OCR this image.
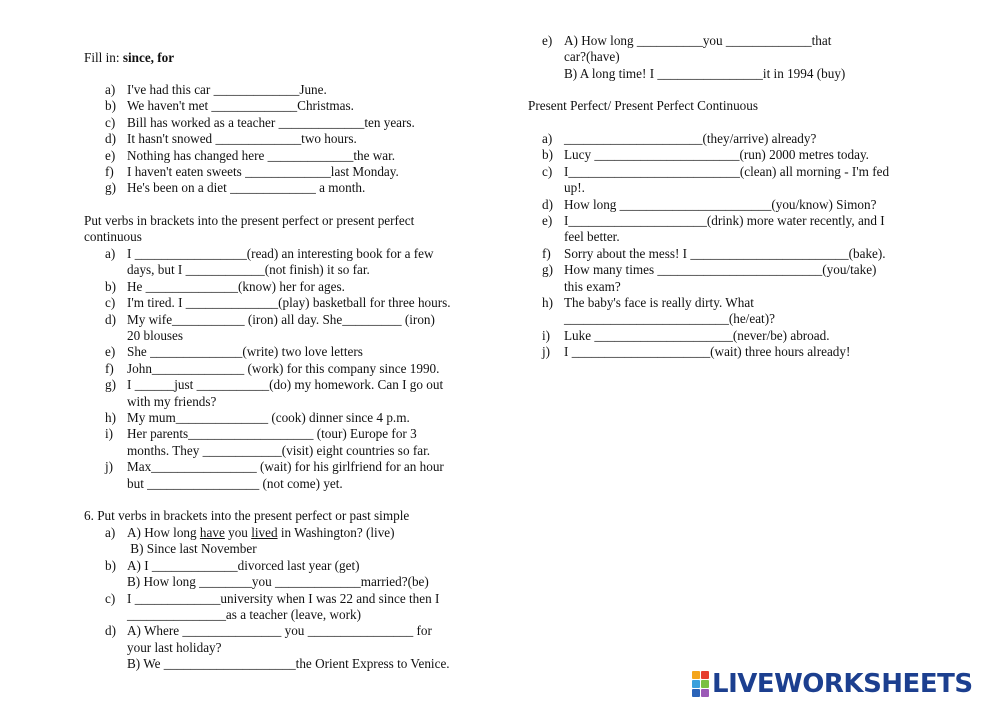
Fill in: since, for
a) I've had this car _____________June.
b) We haven't met _____________Christmas.
c) Bill has worked as a teacher _____________ten years.
d) It hasn't snowed _____________two hours.
e) Nothing has changed here _____________the war.
f) I haven't eaten sweets _____________last Monday.
g) He's been on a diet _____________ a month.
Put verbs in brackets into the present perfect or present perfect
continuous
a) I _________________(read) an interesting book for a few
days, but I ____________(not finish) it so far.
b) He ______________(know) her for ages.
c) I'm tired. I ______________(play) basketball for three hours.
d) My wife___________ (iron) all day. She_________ (iron)
20 blouses
e) She ______________(write) two love letters
f) John______________ (work) for this company since 1990.
g) I ______just ___________(do) my homework. Can I go out
with my friends?
h) My mum______________ (cook) dinner since 4 p.m.
i) Her parents___________________ (tour) Europe for 3
months. They ____________(visit) eight countries so far.
j) Max________________ (wait) for his girlfriend for an hour
but _________________ (not come) yet.
6. Put verbs in brackets into the present perfect or past simple
a) A) How long have you lived in Washington? (live)
B) Since last November
b) A) I _____________divorced last year (get)
B) How long ________you _____________married?(be)
c) I _____________university when I was 22 and since then I
_______________as a teacher (leave, work)
d) A) Where _______________ you ________________ for
your last holiday?
B) We ____________________the Orient Express to Venice.
e) A) How long __________you _____________that
car?(have)
B) A long time! I ________________it in 1994 (buy)
Present Perfect/ Present Perfect Continuous
a) _____________________(they/arrive) already?
b) Lucy ______________________(run) 2000 metres today.
c) I__________________________(clean) all morning - I'm fed
up!.
d) How long _______________________(you/know) Simon?
e) I_____________________(drink) more water recently, and I
feel better.
f) Sorry about the mess! I ________________________(bake).
g) How many times _________________________(you/take)
this exam?
h) The baby's face is really dirty. What
_________________________(he/eat)?
i) Luke _____________________(never/be) abroad.
j) I _____________________(wait) three hours already!
LIVEWORKSHEETS
